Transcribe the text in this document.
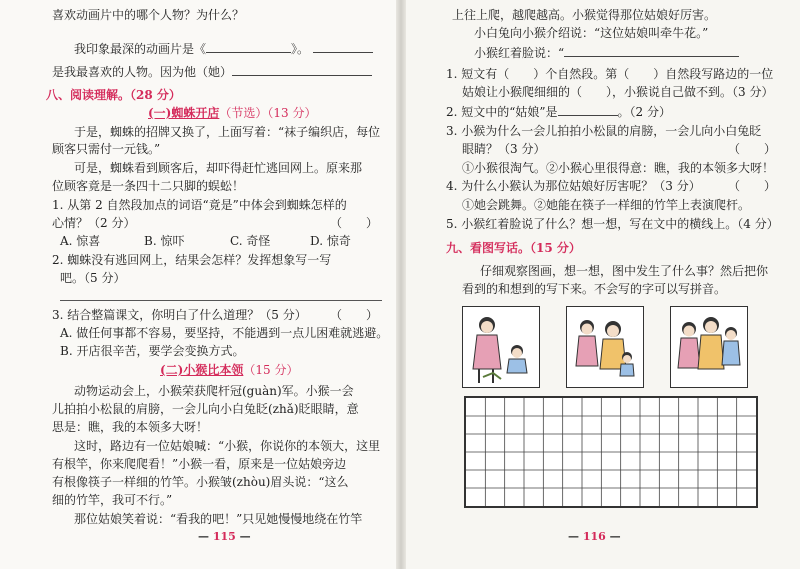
喜欢动画片中的哪个人物？为什么？
我印象最深的动画片是《	》。
是我最喜欢的人物。因为他（她）
八、阅读理解。（28 分）
(一)蜘蛛开店（节选）（13 分）
于是，蜘蛛的招牌又换了，上面写着：“袜子编织店，每位
顾客只需付一元钱。”
可是，蜘蛛看到顾客后，却吓得赶忙逃回网上。原来那
位顾客竟是一条四十二只脚的蜈蚣！
1. 从第 2 自然段加点的词语“竟是”中体会到蜘蛛怎样的
心情？（2 分）	（　　）
A. 惊喜	B. 惊吓	C. 奇怪	D. 惊奇
2. 蜘蛛没有逃回网上，结果会怎样？发挥想象写一写
吧。（5 分）
3. 结合整篇课文，你明白了什么道理？（5 分） （　　）
A. 做任何事都不容易，要坚持，不能遇到一点儿困难就逃避。
B. 开店很辛苦，要学会变换方式。
(二)小猴比本领（15 分）
动物运动会上，小猴荣获爬杆冠(guàn)军。小猴一会
儿拍拍小松鼠的肩膀，一会儿向小白兔眨(zhǎ)眨眼睛，意
思是：瞧，我的本领多大呀！
这时，路边有一位姑娘喊：“小猴，你说你的本领大，这里
有根竿，你来爬爬看！”小猴一看，原来是一位姑娘旁边
有根像筷子一样细的竹竿。小猴皱(zhòu)眉头说：“这么
细的竹竿，我可不行。”
那位姑娘笑着说：“看我的吧！”只见她慢慢地绕在竹竿
— 115 —
上往上爬，越爬越高。小猴觉得那位姑娘好厉害。
小白兔向小猴介绍说：“这位姑娘叫牵牛花。”
小猴红着脸说：“
1. 短文有（　　）个自然段。第（　　）自然段写路边的一位
姑娘让小猴爬细细的（　　），小猴说自己做不到。（3 分）
2. 短文中的“姑娘”是	。（2 分）
3. 小猴为什么一会儿拍拍小松鼠的肩膀，一会儿向小白兔眨
眼睛？（3 分）	（　　）
①小猴很淘气。②小猴心里很得意：瞧，我的本领多大呀！
4. 为什么小猴认为那位姑娘好厉害呢？（3 分） （　　）
①她会跳舞。②她能在筷子一样细的竹竿上表演爬杆。
5. 小猴红着脸说了什么？想一想，写在文中的横线上。（4 分）
九、看图写话。（15 分）
仔细观察图画，想一想，图中发生了什么事？然后把你
看到的和想到的写下来。不会写的字可以写拼音。
— 116 —
